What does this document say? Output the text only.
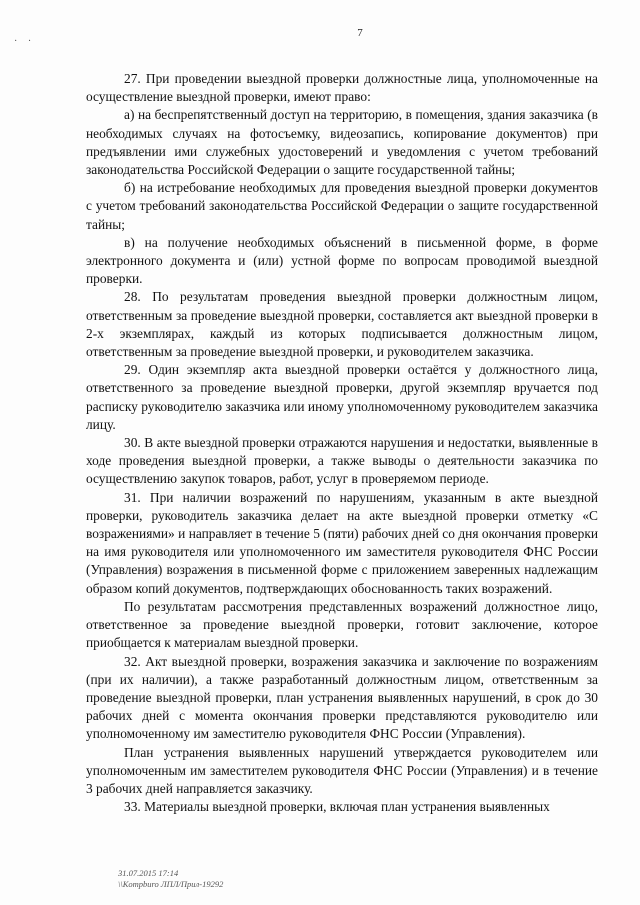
· ·
7

27. При проведении выездной проверки должностные лица, уполномоченные на осуществление выездной проверки, имеют право:

а) на беспрепятственный доступ на территорию, в помещения, здания заказчика (в необходимых случаях на фотосъемку, видеозапись, копирование документов) при предъявлении ими служебных удостоверений и уведомления с учетом требований законодательства Российской Федерации о защите государственной тайны;

б) на истребование необходимых для проведения выездной проверки документов с учетом требований законодательства Российской Федерации о защите государственной тайны;

в) на получение необходимых объяснений в письменной форме, в форме электронного документа и (или) устной форме по вопросам проводимой выездной проверки.

28. По результатам проведения выездной проверки должностным лицом, ответственным за проведение выездной проверки, составляется акт выездной проверки в 2-х экземплярах, каждый из которых подписывается должностным лицом, ответственным за проведение выездной проверки, и руководителем заказчика.

29. Один экземпляр акта выездной проверки остаётся у должностного лица, ответственного за проведение выездной проверки, другой экземпляр вручается под расписку руководителю заказчика или иному уполномоченному руководителем заказчика лицу.

30. В акте выездной проверки отражаются нарушения и недостатки, выявленные в ходе проведения выездной проверки, а также выводы о деятельности заказчика по осуществлению закупок товаров, работ, услуг в проверяемом периоде.

31. При наличии возражений по нарушениям, указанным в акте выездной проверки, руководитель заказчика делает на акте выездной проверки отметку «С возражениями» и направляет в течение 5 (пяти) рабочих дней со дня окончания проверки на имя руководителя или уполномоченного им заместителя руководителя ФНС России (Управления) возражения в письменной форме с приложением заверенных надлежащим образом копий документов, подтверждающих обоснованность таких возражений.

По результатам рассмотрения представленных возражений должностное лицо, ответственное за проведение выездной проверки, готовит заключение, которое приобщается к материалам выездной проверки.

32. Акт выездной проверки, возражения заказчика и заключение по возражениям (при их наличии), а также разработанный должностным лицом, ответственным за проведение выездной проверки, план устранения выявленных нарушений, в срок до 30 рабочих дней с момента окончания проверки представляются руководителю или уполномоченному им заместителю руководителя ФНС России (Управления).

План устранения выявленных нарушений утверждается руководителем или уполномоченным им заместителем руководителя ФНС России (Управления) и в течение 3 рабочих дней направляется заказчику.

33. Материалы выездной проверки, включая план устранения выявленных

31.07.2015 17:14
\\Kompburo ЛПЛ/Прил-19292
